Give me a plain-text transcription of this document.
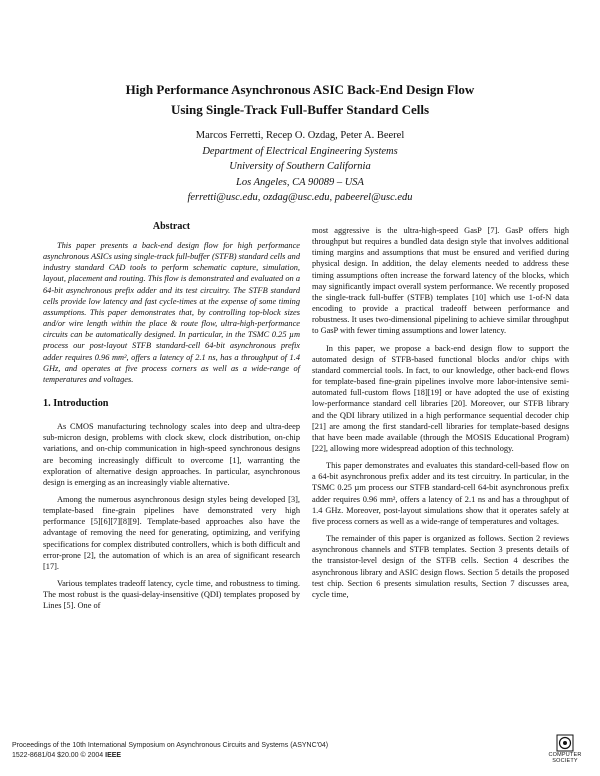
High Performance Asynchronous ASIC Back-End Design Flow
Using Single-Track Full-Buffer Standard Cells
Marcos Ferretti, Recep O. Ozdag, Peter A. Beerel
Department of Electrical Engineering Systems
University of Southern California
Los Angeles, CA 90089 – USA
ferretti@usc.edu, ozdag@usc.edu, pabeerel@usc.edu
Abstract

This paper presents a back-end design flow for high performance asynchronous ASICs using single-track full-buffer (STFB) standard cells and industry standard CAD tools to perform schematic capture, simulation, layout, placement and routing. This flow is demonstrated and evaluated on a 64-bit asynchronous prefix adder and its test circuitry. The STFB standard cells provide low latency and fast cycle-times at the expense of some timing assumptions. This paper demonstrates that, by controlling top-block sizes and/or wire length within the place & route flow, ultra-high-performance circuits can be automatically designed. In particular, in the TSMC 0.25 µm process our post-layout STFB standard-cell 64-bit asynchronous prefix adder requires 0.96 mm², offers a latency of 2.1 ns, has a throughput of 1.4 GHz, and operates at five process corners as well as a wide-range of temperatures and voltages.

1. Introduction

As CMOS manufacturing technology scales into deep and ultra-deep sub-micron design, problems with clock skew, clock distribution, on-chip variations, and on-chip communication in high-speed synchronous designs are becoming increasingly difficult to overcome [1], warranting the exploration of alternative design approaches. In particular, asynchronous design is emerging as an increasingly viable alternative.

Among the numerous asynchronous design styles being developed [3], template-based fine-grain pipelines have demonstrated very high performance [5][6][7][8][9]. Template-based approaches also have the advantage of removing the need for generating, optimizing, and verifying specifications for complex distributed controllers, which is both difficult and error-prone [2], the automation of which is an area of significant research [17].

Various templates tradeoff latency, cycle time, and robustness to timing. The most robust is the quasi-delay-insensitive (QDI) templates proposed by Lines [5]. One of

most aggressive is the ultra-high-speed GasP [7]. GasP offers high throughput but requires a bundled data design style that involves additional timing margins and assumptions that must be ensured and verified during physical design. In addition, the delay elements needed to address these timing assumptions often increase the forward latency of the blocks, which may significantly impact overall system performance. We recently proposed the single-track full-buffer (STFB) templates [10] which use 1-of-N data encoding to provide a practical tradeoff between performance and robustness. It uses two-dimensional pipelining to achieve similar throughput to GasP with fewer timing assumptions and lower latency.

In this paper, we propose a back-end design flow to support the automated design of STFB-based functional blocks and/or chips with standard commercial tools. In fact, to our knowledge, other back-end flows for template-based fine-grain pipelines involve more labor-intensive semi-automated full-custom flows [18][19] or have adopted the use of existing low-performance standard cell libraries [20]. Moreover, our STFB library and the QDI library utilized in a high performance sequential decoder chip [21] are among the first standard-cell libraries for template-based designs that have been made available (through the MOSIS Educational Program) [22], allowing more widespread adoption of this technology.

This paper demonstrates and evaluates this standard-cell-based flow on a 64-bit asynchronous prefix adder and its test circuitry. In particular, in the TSMC 0.25 µm process our STFB standard-cell 64-bit asynchronous prefix adder requires 0.96 mm², offers a latency of 2.1 ns and has a throughput of 1.4 GHz. Moreover, post-layout simulations show that it operates safely at five process corners as well as a wide-range of temperatures and voltages.

The remainder of this paper is organized as follows. Section 2 reviews asynchronous channels and STFB templates. Section 3 presents details of the transistor-level design of the STFB cells. Section 4 describes the asynchronous library and ASIC design flows. Section 5 details the proposed test chip. Section 6 presents simulation results, Section 7 discusses area, cycle time,

Proceedings of the 10th International Symposium on Asynchronous Circuits and Systems (ASYNC'04)
1522-8681/04 $20.00 © 2004 IEEE	COMPUTER
SOCIETY
